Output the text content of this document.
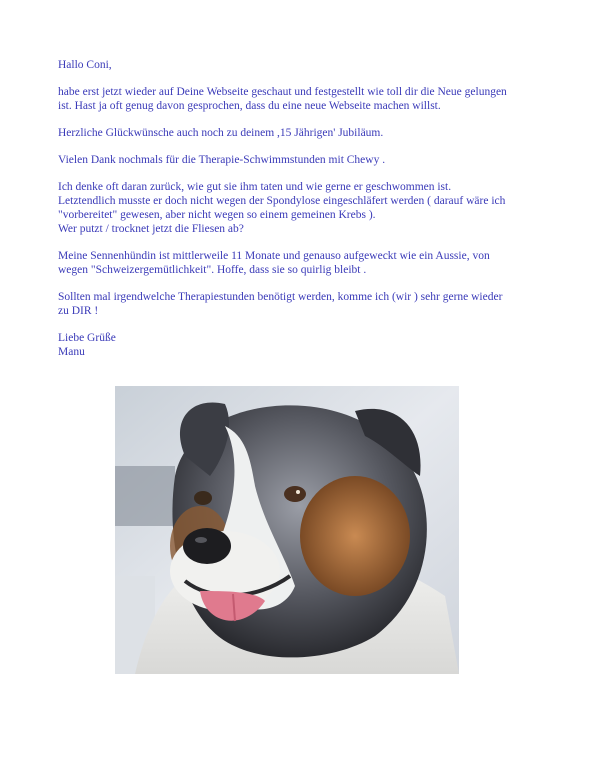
Hallo Coni,

habe erst jetzt wieder auf Deine Webseite geschaut und festgestellt wie toll dir die Neue gelungen
ist. Hast ja oft genug davon gesprochen, dass du eine neue Webseite machen willst.

Herzliche Glückwünsche auch noch zu deinem ,15 Jährigen' Jubiläum.

Vielen Dank nochmals für die Therapie-Schwimmstunden mit Chewy .

Ich denke oft daran zurück, wie gut sie ihm taten und wie gerne er geschwommen ist.
Letztendlich musste er doch nicht wegen der Spondylose eingeschläfert werden ( darauf wäre ich
"vorbereitet" gewesen, aber nicht wegen so einem gemeinen Krebs ).
Wer putzt / trocknet jetzt die Fliesen ab?

Meine Sennenhündin ist mittlerweile 11 Monate und genauso aufgeweckt wie ein Aussie, von
wegen "Schweizergemütlichkeit". Hoffe, dass sie so quirlig bleibt .

Sollten mal irgendwelche Therapiestunden benötigt werden, komme ich (wir ) sehr gerne wieder
zu DIR !

Liebe Grüße
Manu
